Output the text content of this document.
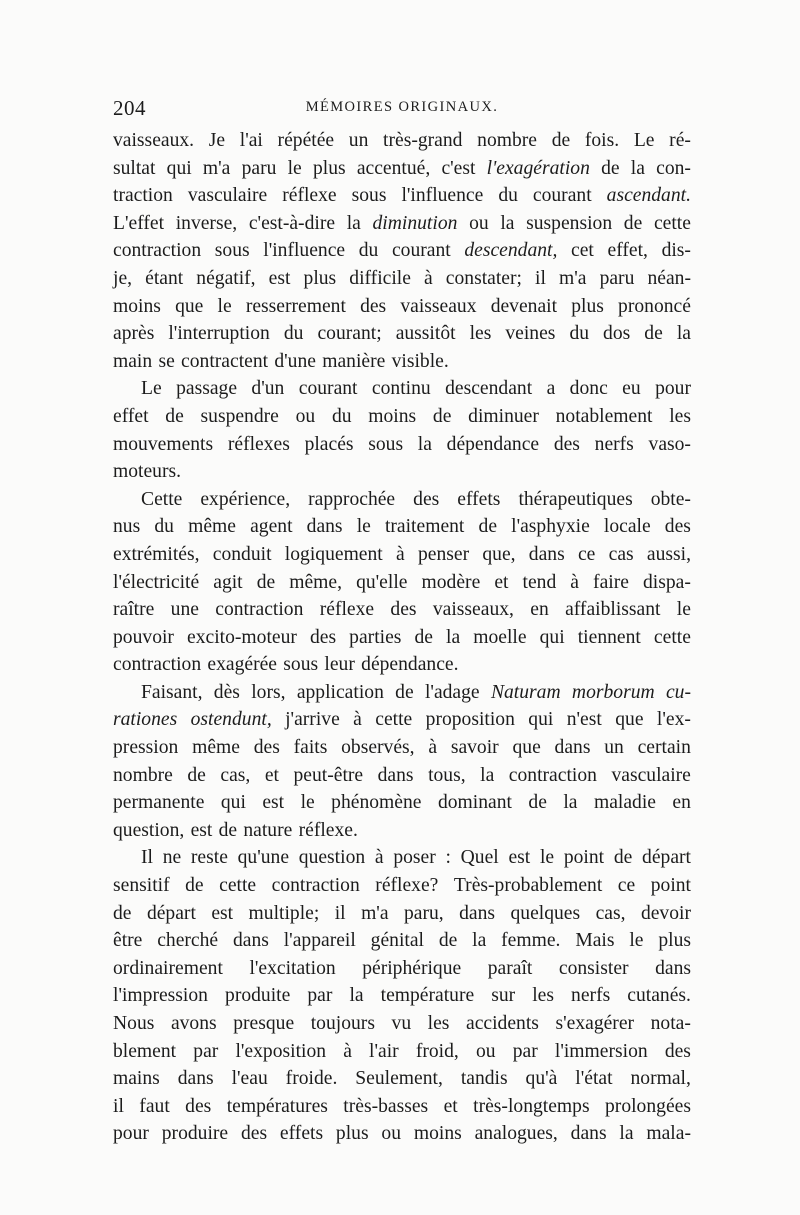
204	MÉMOIRES ORIGINAUX.
vaisseaux. Je l'ai répétée un très-grand nombre de fois. Le ré-
sultat qui m'a paru le plus accentué, c'est l'exagération de la con-
traction vasculaire réflexe sous l'influence du courant ascendant.
L'effet inverse, c'est-à-dire la diminution ou la suspension de cette
contraction sous l'influence du courant descendant, cet effet, dis-
je, étant négatif, est plus difficile à constater; il m'a paru néan-
moins que le resserrement des vaisseaux devenait plus prononcé
après l'interruption du courant; aussitôt les veines du dos de la
main se contractent d'une manière visible.
Le passage d'un courant continu descendant a donc eu pour
effet de suspendre ou du moins de diminuer notablement les
mouvements réflexes placés sous la dépendance des nerfs vaso-
moteurs.
Cette expérience, rapprochée des effets thérapeutiques obte-
nus du même agent dans le traitement de l'asphyxie locale des
extrémités, conduit logiquement à penser que, dans ce cas aussi,
l'électricité agit de même, qu'elle modère et tend à faire dispa-
raître une contraction réflexe des vaisseaux, en affaiblissant le
pouvoir excito-moteur des parties de la moelle qui tiennent cette
contraction exagérée sous leur dépendance.
Faisant, dès lors, application de l'adage Naturam morborum cu-
rationes ostendunt, j'arrive à cette proposition qui n'est que l'ex-
pression même des faits observés, à savoir que dans un certain
nombre de cas, et peut-être dans tous, la contraction vasculaire
permanente qui est le phénomène dominant de la maladie en
question, est de nature réflexe.
Il ne reste qu'une question à poser : Quel est le point de départ
sensitif de cette contraction réflexe? Très-probablement ce point
de départ est multiple; il m'a paru, dans quelques cas, devoir
être cherché dans l'appareil génital de la femme. Mais le plus
ordinairement l'excitation périphérique paraît consister dans
l'impression produite par la température sur les nerfs cutanés.
Nous avons presque toujours vu les accidents s'exagérer nota-
blement par l'exposition à l'air froid, ou par l'immersion des
mains dans l'eau froide. Seulement, tandis qu'à l'état normal,
il faut des températures très-basses et très-longtemps prolongées
pour produire des effets plus ou moins analogues, dans la mala-
